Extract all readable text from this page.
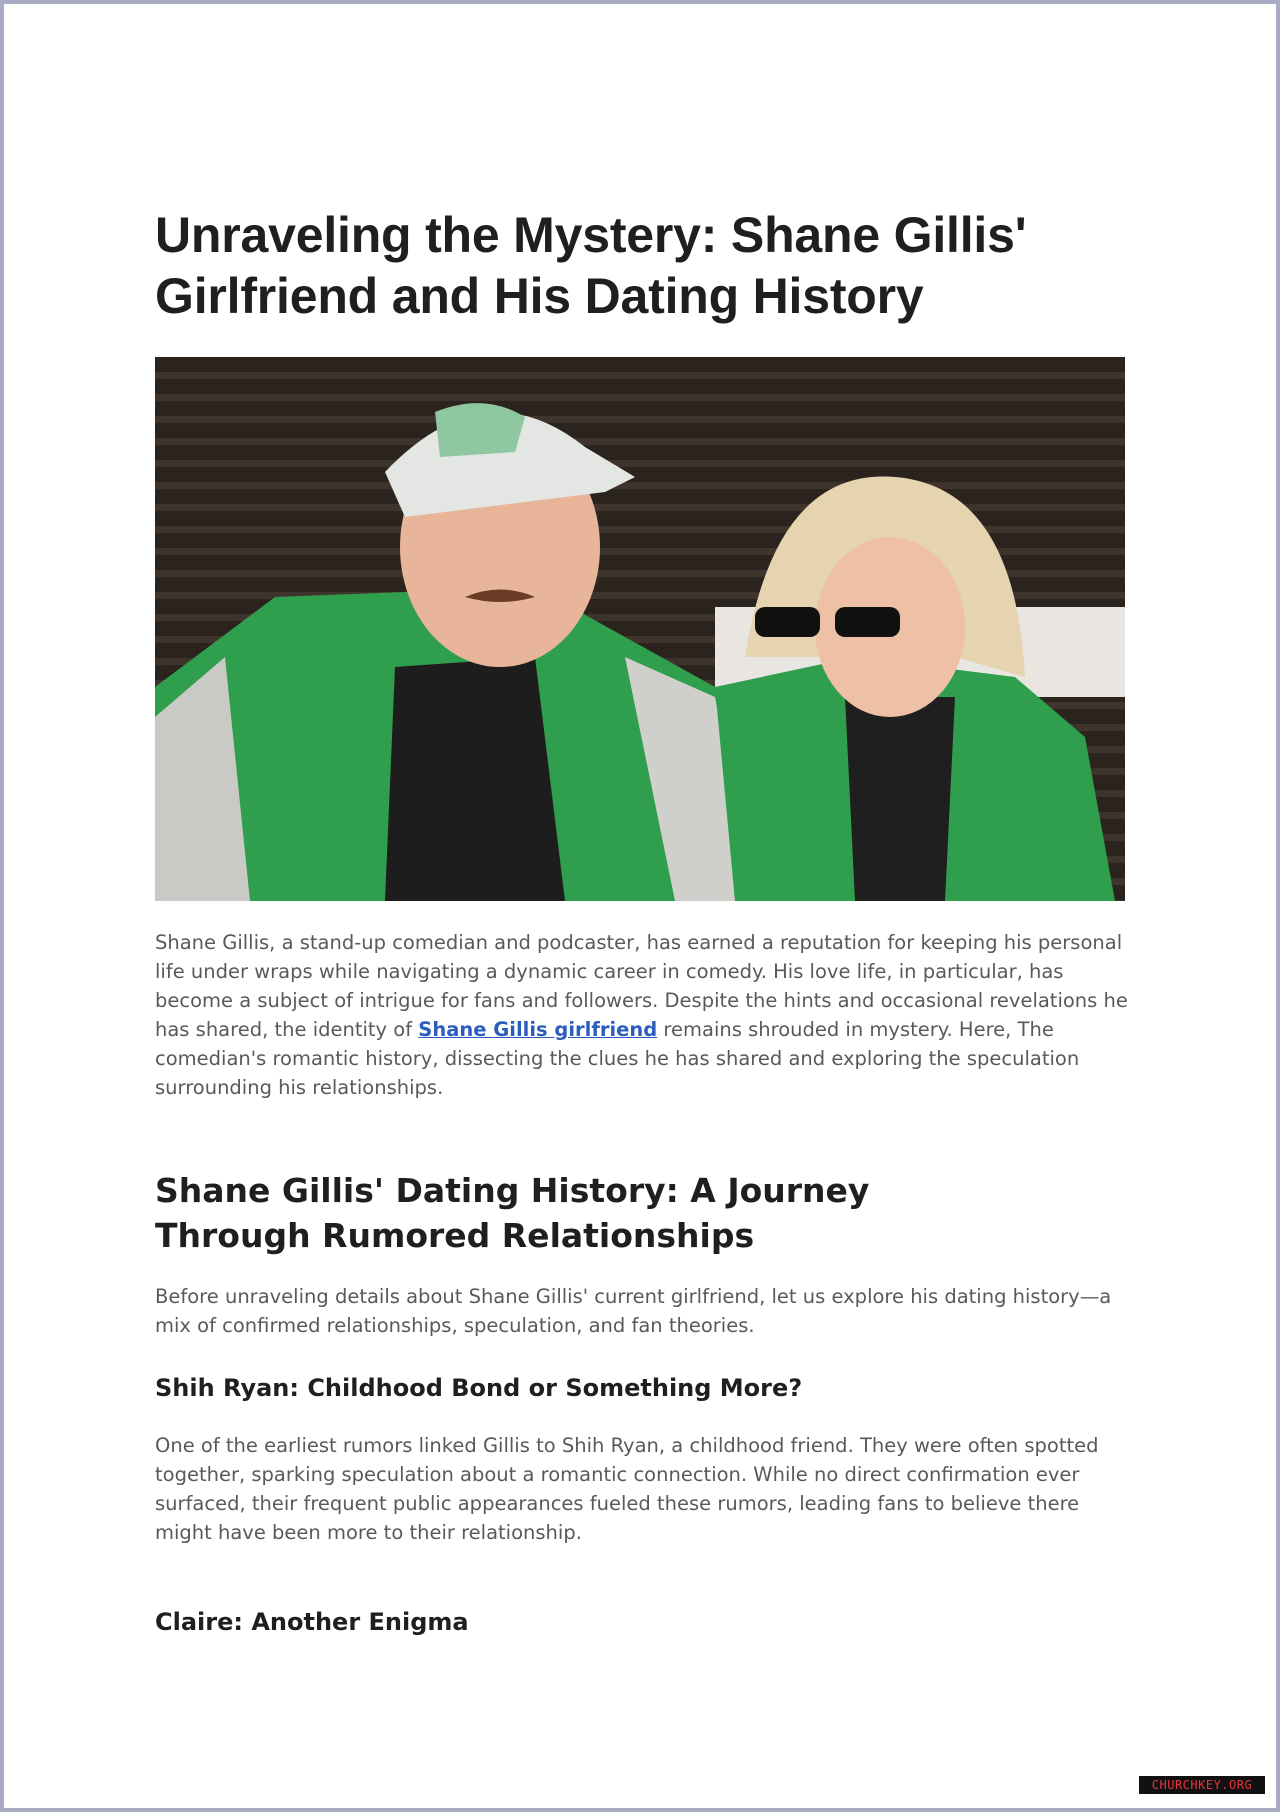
Unraveling the Mystery: Shane Gillis'
Girlfriend and His Dating History

Shane Gillis, a stand-up comedian and podcaster, has earned a reputation for keeping his personal life under wraps while navigating a dynamic career in comedy. His love life, in particular, has become a subject of intrigue for fans and followers. Despite the hints and occasional revelations he has shared, the identity of Shane Gillis girlfriend remains shrouded in mystery. Here, The comedian's romantic history, dissecting the clues he has shared and exploring the speculation surrounding his relationships.

Shane Gillis' Dating History: A Journey
Through Rumored Relationships

Before unraveling details about Shane Gillis' current girlfriend, let us explore his dating history—a mix of confirmed relationships, speculation, and fan theories.

Shih Ryan: Childhood Bond or Something More?

One of the earliest rumors linked Gillis to Shih Ryan, a childhood friend. They were often spotted together, sparking speculation about a romantic connection. While no direct confirmation ever surfaced, their frequent public appearances fueled these rumors, leading fans to believe there might have been more to their relationship.

Claire: Another Enigma
CHURCHKEY.ORG
